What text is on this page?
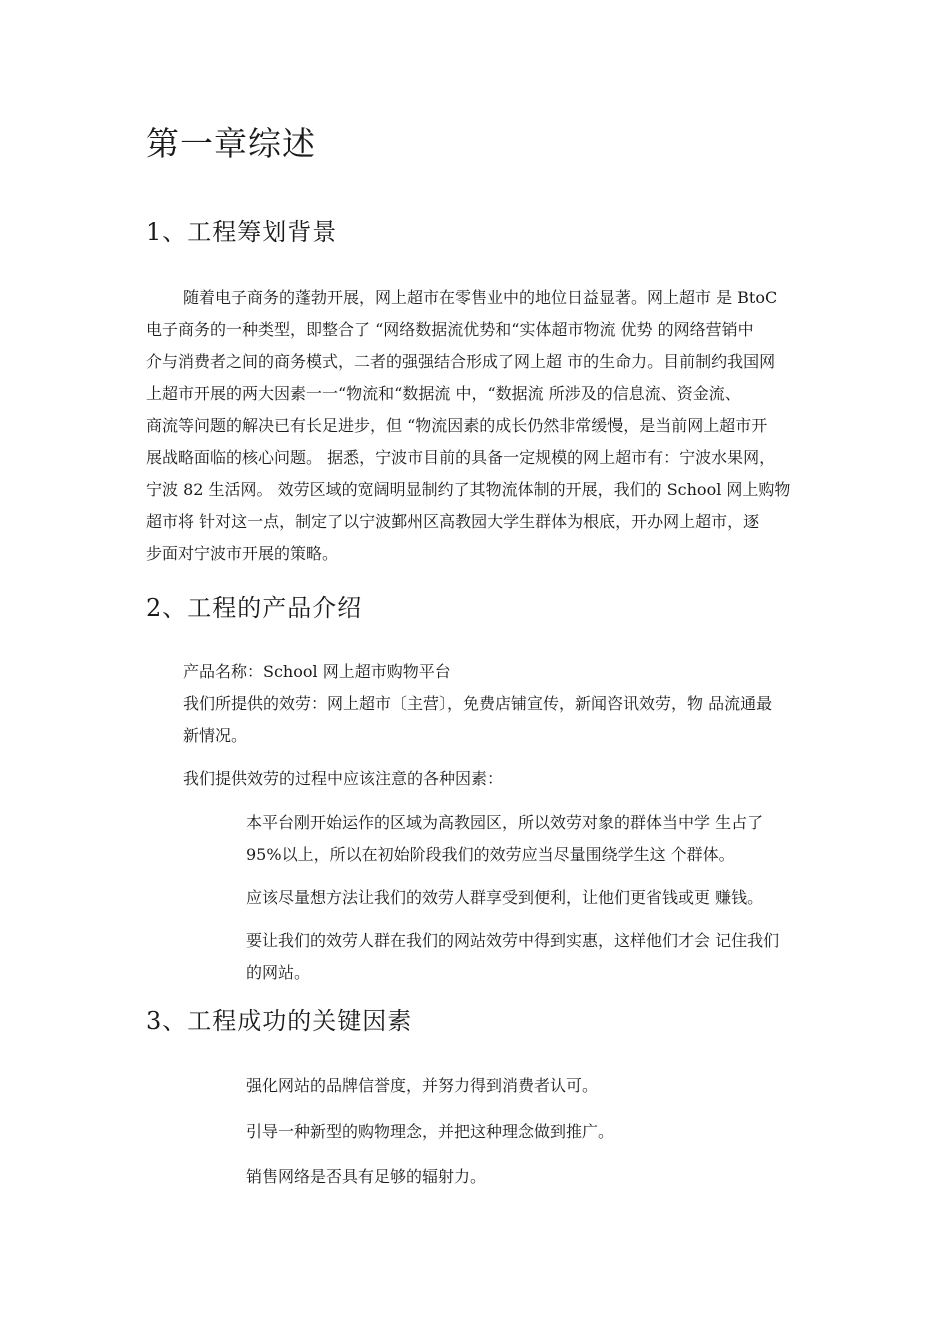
第一章综述
1、工程筹划背景
随着电子商务的蓬勃开展，网上超市在零售业中的地位日益显著。网上超市 是 BtoC
电子商务的一种类型，即整合了 “网络数据流优势和“实体超市物流 优势 的网络营销中
介与消费者之间的商务模式，二者的强强结合形成了网上超 市的生命力。目前制约我国网
上超市开展的两大因素一一“物流和“数据流 中，“数据流 所涉及的信息流、资金流、
商流等问题的解决已有长足进步，但 “物流因素的成长仍然非常缓慢，是当前网上超市开
展战略面临的核心问题。 据悉，宁波市目前的具备一定规模的网上超市有：宁波水果网，
宁波 82 生活网。 效劳区域的宽阔明显制约了其物流体制的开展，我们的 School 网上购物
超市将 针对这一点，制定了以宁波鄞州区高教园大学生群体为根底，开办网上超市，逐
步面对宁波市开展的策略。
2、工程的产品介绍
产品名称：School 网上超市购物平台
我们所提供的效劳：网上超市〔主营〕，免费店铺宣传，新闻咨讯效劳，物 品流通最
新情况。
我们提供效劳的过程中应该注意的各种因素：
本平台刚开始运作的区域为高教园区，所以效劳对象的群体当中学 生占了
95%以上，所以在初始阶段我们的效劳应当尽量围绕学生这 个群体。
应该尽量想方法让我们的效劳人群享受到便利，让他们更省钱或更 赚钱。
要让我们的效劳人群在我们的网站效劳中得到实惠，这样他们才会 记住我们
的网站。
3、工程成功的关键因素
强化网站的品牌信誉度，并努力得到消费者认可。
引导一种新型的购物理念，并把这种理念做到推广。
销售网络是否具有足够的辐射力。
